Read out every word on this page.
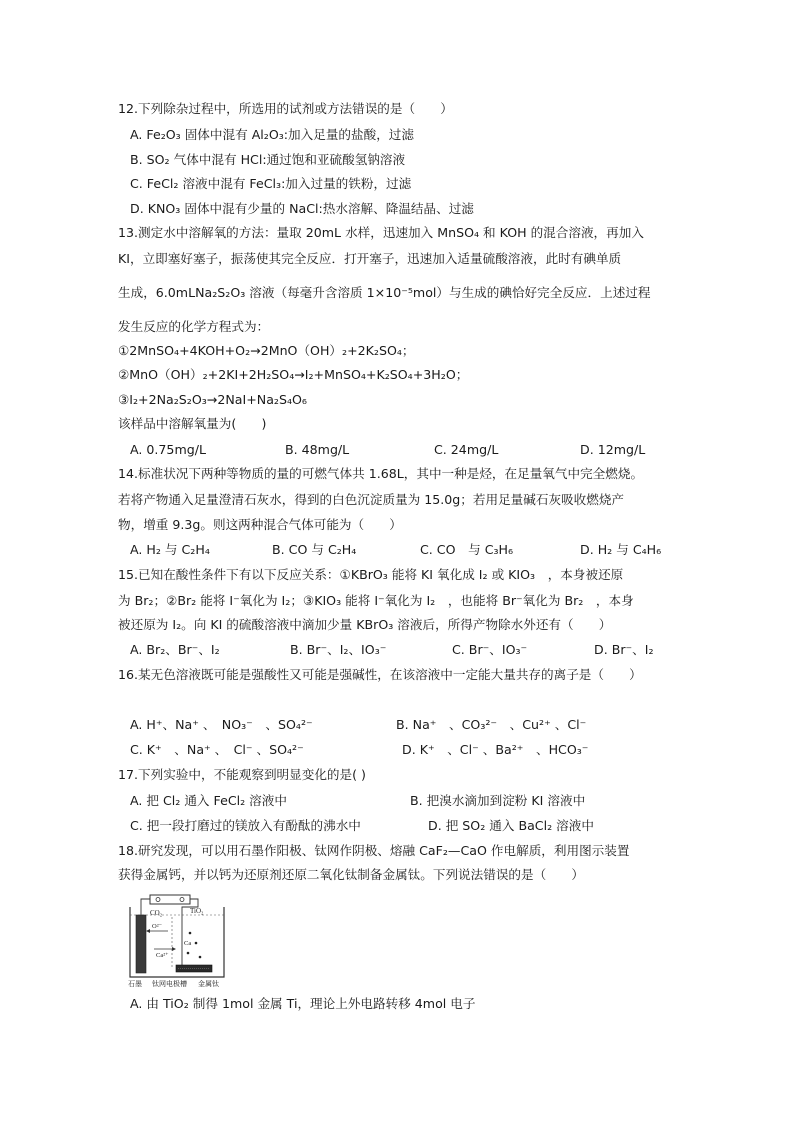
12.下列除杂过程中，所选用的试剂或方法错误的是（　　）
A. Fe₂O₃ 固体中混有 Al₂O₃:加入足量的盐酸，过滤
B. SO₂ 气体中混有 HCl:通过饱和亚硫酸氢钠溶液
C. FeCl₂ 溶液中混有 FeCl₃:加入过量的铁粉，过滤
D. KNO₃ 固体中混有少量的 NaCl:热水溶解、降温结晶、过滤
13.测定水中溶解氧的方法：量取 20mL 水样，迅速加入 MnSO₄ 和 KOH 的混合溶液，再加入
KI，立即塞好塞子，振荡使其完全反应．打开塞子，迅速加入适量硫酸溶液，此时有碘单质
生成，6.0mLNa₂S₂O₃ 溶液（每毫升含溶质 1×10⁻⁵mol）与生成的碘恰好完全反应．上述过程
发生反应的化学方程式为：
①2MnSO₄+4KOH+O₂→2MnO（OH）₂+2K₂SO₄；
②MnO（OH）₂+2KI+2H₂SO₄→I₂+MnSO₄+K₂SO₄+3H₂O；
③I₂+2Na₂S₂O₃→2NaI+Na₂S₄O₆
该样品中溶解氧量为(　　)
A. 0.75mg/L	B. 48mg/L	C. 24mg/L	D. 12mg/L
14.标准状况下两种等物质的量的可燃气体共 1.68L，其中一种是烃，在足量氧气中完全燃烧。
若将产物通入足量澄清石灰水，得到的白色沉淀质量为 15.0g；若用足量碱石灰吸收燃烧产
物，增重 9.3g。则这两种混合气体可能为（　　）
A. H₂ 与 C₂H₄	B. CO 与 C₂H₄	C. CO　与 C₃H₆	D. H₂ 与 C₄H₆
15.已知在酸性条件下有以下反应关系：①KBrO₃ 能将 KI 氧化成 I₂ 或 KIO₃　，本身被还原
为 Br₂；②Br₂ 能将 I⁻氧化为 I₂；③KIO₃ 能将 I⁻氧化为 I₂　，也能将 Br⁻氧化为 Br₂　，本身
被还原为 I₂。向 KI 的硫酸溶液中滴加少量 KBrO₃ 溶液后，所得产物除水外还有（　　）
A. Br₂、Br⁻、I₂	B. Br⁻、I₂、IO₃⁻	C. Br⁻、IO₃⁻	D. Br⁻、I₂
16.某无色溶液既可能是强酸性又可能是强碱性，在该溶液中一定能大量共存的离子是（　　）
A. H⁺、Na⁺ 、　NO₃⁻　、SO₄²⁻	B. Na⁺　、CO₃²⁻　、Cu²⁺ 、Cl⁻
C. K⁺　、Na⁺ 、　Cl⁻ 、SO₄²⁻	D. K⁺　、Cl⁻ 、Ba²⁺　、HCO₃⁻
17.下列实验中，不能观察到明显变化的是( )
A. 把 Cl₂ 通入 FeCl₂ 溶液中	B. 把溴水滴加到淀粉 KI 溶液中
C. 把一段打磨过的镁放入有酚酞的沸水中	D. 把 SO₂ 通入 BaCl₂ 溶液中
18.研究发现，可以用石墨作阳极、钛网作阴极、熔融 CaF₂—CaO 作电解质，利用图示装置
获得金属钙，并以钙为还原剂还原二氧化钛制备金属钛。下列说法错误的是（　　）
CO₂	TiO₂
O²⁻
Ca²⁺
Ca
石墨 钛网电极槽 金属钛
A. 由 TiO₂ 制得 1mol 金属 Ti，理论上外电路转移 4mol 电子
